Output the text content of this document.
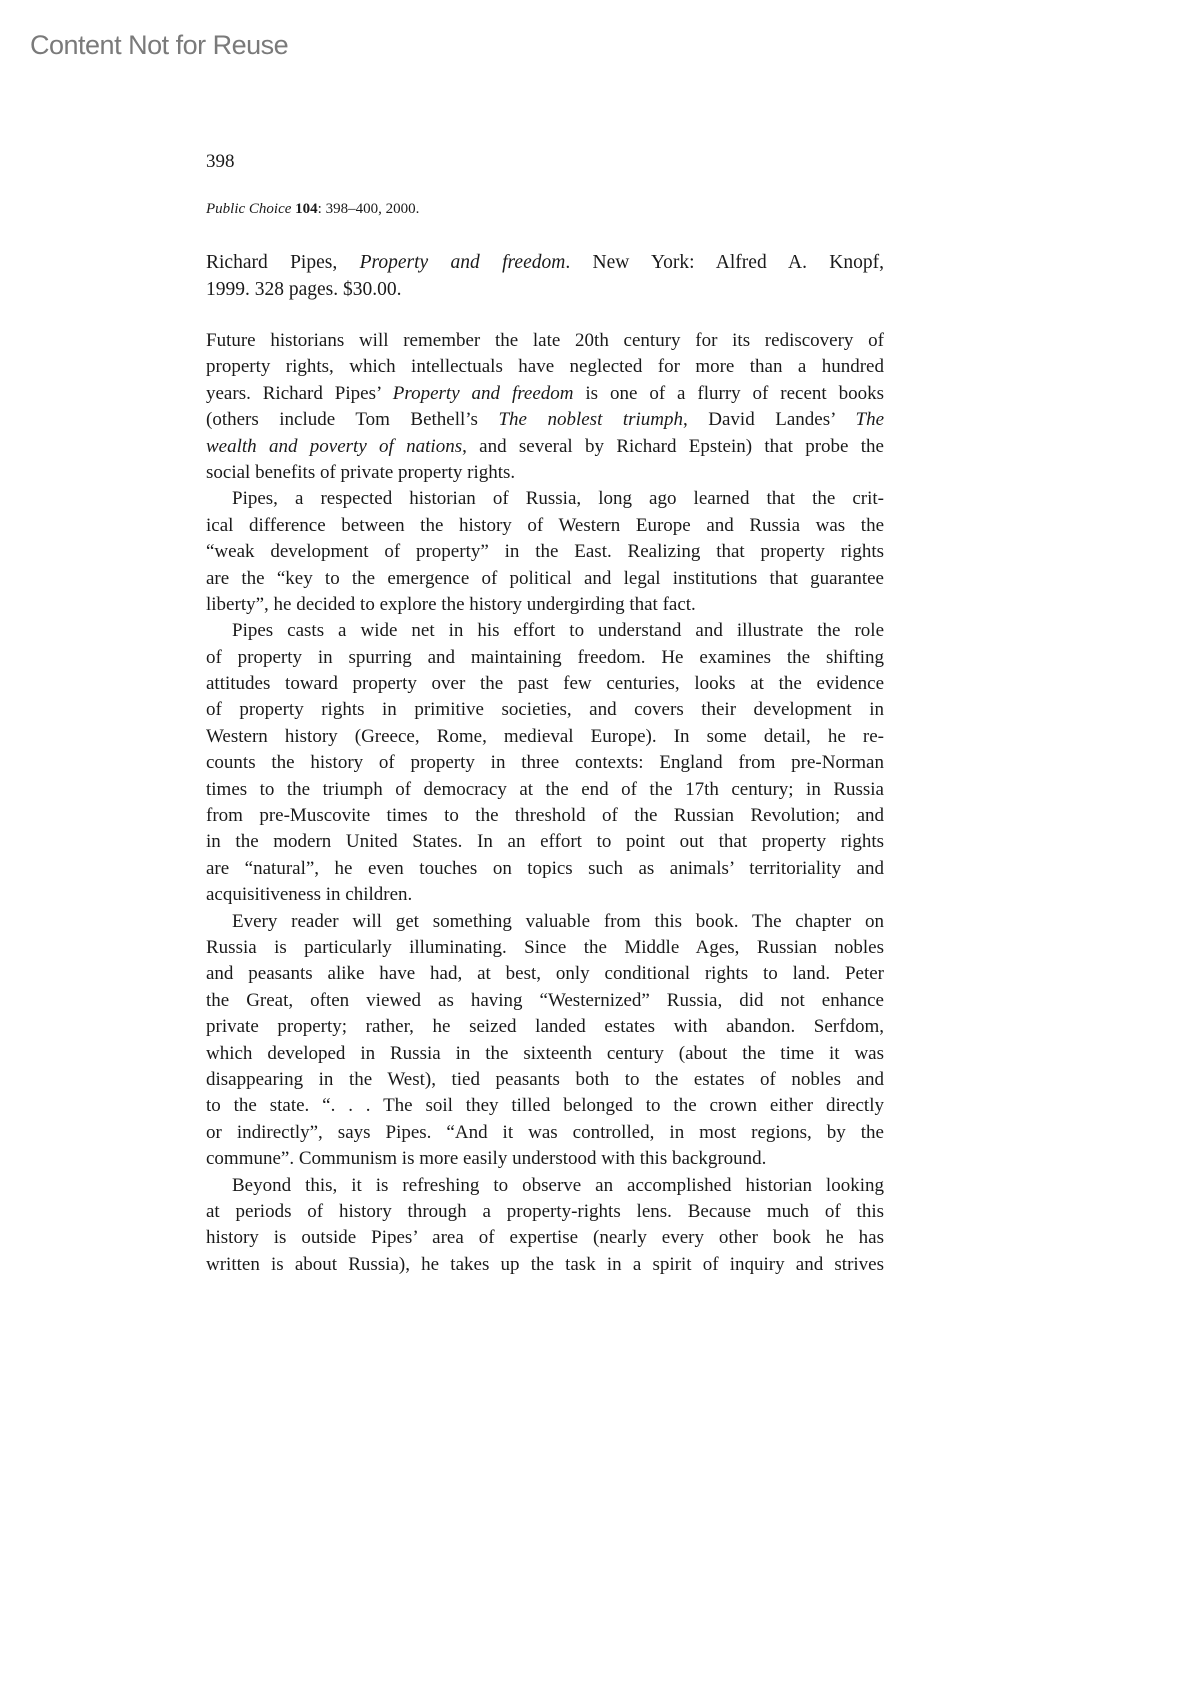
Content Not for Reuse
398
Public Choice 104: 398–400, 2000.
Richard Pipes, Property and freedom. New York: Alfred A. Knopf,
1999. 328 pages. $30.00.
Future historians will remember the late 20th century for its rediscovery of
property rights, which intellectuals have neglected for more than a hundred
years. Richard Pipes’ Property and freedom is one of a flurry of recent books
(others include Tom Bethell’s The noblest triumph, David Landes’ The
wealth and poverty of nations, and several by Richard Epstein) that probe the
social benefits of private property rights.
Pipes, a respected historian of Russia, long ago learned that the crit-
ical difference between the history of Western Europe and Russia was the
“weak development of property” in the East. Realizing that property rights
are the “key to the emergence of political and legal institutions that guarantee
liberty”, he decided to explore the history undergirding that fact.
Pipes casts a wide net in his effort to understand and illustrate the role
of property in spurring and maintaining freedom. He examines the shifting
attitudes toward property over the past few centuries, looks at the evidence
of property rights in primitive societies, and covers their development in
Western history (Greece, Rome, medieval Europe). In some detail, he re-
counts the history of property in three contexts: England from pre-Norman
times to the triumph of democracy at the end of the 17th century; in Russia
from pre-Muscovite times to the threshold of the Russian Revolution; and
in the modern United States. In an effort to point out that property rights
are “natural”, he even touches on topics such as animals’ territoriality and
acquisitiveness in children.
Every reader will get something valuable from this book. The chapter on
Russia is particularly illuminating. Since the Middle Ages, Russian nobles
and peasants alike have had, at best, only conditional rights to land. Peter
the Great, often viewed as having “Westernized” Russia, did not enhance
private property; rather, he seized landed estates with abandon. Serfdom,
which developed in Russia in the sixteenth century (about the time it was
disappearing in the West), tied peasants both to the estates of nobles and
to the state. “. . . The soil they tilled belonged to the crown either directly
or indirectly”, says Pipes. “And it was controlled, in most regions, by the
commune”. Communism is more easily understood with this background.
Beyond this, it is refreshing to observe an accomplished historian looking
at periods of history through a property-rights lens. Because much of this
history is outside Pipes’ area of expertise (nearly every other book he has
written is about Russia), he takes up the task in a spirit of inquiry and strives
